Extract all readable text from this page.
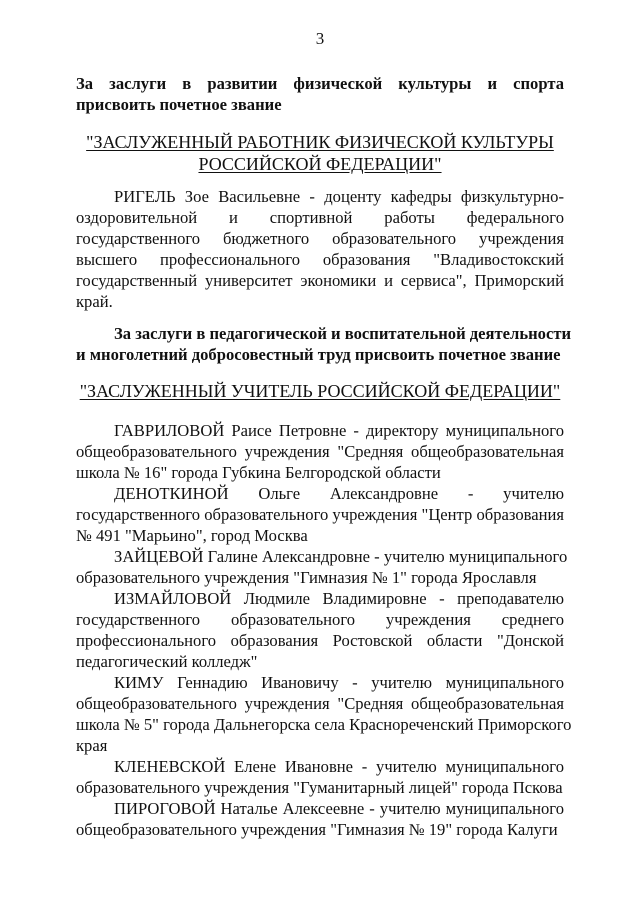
3
За заслуги в развитии физической культуры и спорта
присвоить почетное звание
"ЗАСЛУЖЕННЫЙ РАБОТНИК ФИЗИЧЕСКОЙ КУЛЬТУРЫ
РОССИЙСКОЙ ФЕДЕРАЦИИ"
РИГЕЛЬ Зое Васильевне - доценту кафедры физкультурно-
оздоровительной и спортивной работы федерального
государственного бюджетного образовательного учреждения
высшего профессионального образования "Владивостокский
государственный университет экономики и сервиса", Приморский
край.
За заслуги в педагогической и воспитательной деятельности
и многолетний добросовестный труд присвоить почетное звание
"ЗАСЛУЖЕННЫЙ УЧИТЕЛЬ РОССИЙСКОЙ ФЕДЕРАЦИИ"
ГАВРИЛОВОЙ Раисе Петровне - директору муниципального
общеобразовательного учреждения "Средняя общеобразовательная
школа № 16" города Губкина Белгородской области
ДЕНОТКИНОЙ Ольге Александровне - учителю
государственного образовательного учреждения "Центр образования
№ 491 "Марьино", город Москва
ЗАЙЦЕВОЙ Галине Александровне - учителю муниципального
образовательного учреждения "Гимназия № 1" города Ярославля
ИЗМАЙЛОВОЙ Людмиле Владимировне - преподавателю
государственного образовательного учреждения среднего
профессионального образования Ростовской области "Донской
педагогический колледж"
КИМУ Геннадию Ивановичу - учителю муниципального
общеобразовательного учреждения "Средняя общеобразовательная
школа № 5" города Дальнегорска села Краснореченский Приморского
края
КЛЕНЕВСКОЙ Елене Ивановне - учителю муниципального
образовательного учреждения "Гуманитарный лицей" города Пскова
ПИРОГОВОЙ Наталье Алексеевне - учителю муниципального
общеобразовательного учреждения "Гимназия № 19" города Калуги
